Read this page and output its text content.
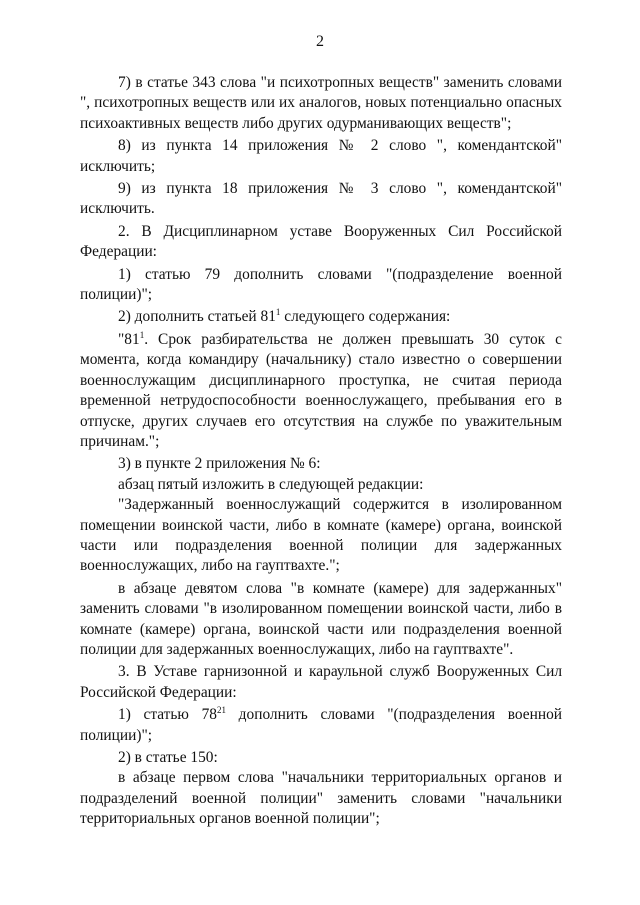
2

7) в статье 343 слова "и психотропных веществ" заменить словами ", психотропных веществ или их аналогов, новых потенциально опасных психоактивных веществ либо других одурманивающих веществ";

8) из пункта 14 приложения № 2 слово ", комендантской" исключить;

9) из пункта 18 приложения № 3 слово ", комендантской" исключить.

2. В Дисциплинарном уставе Вооруженных Сил Российской Федерации:

1) статью 79 дополнить словами "(подразделение военной полиции)";

2) дополнить статьей $81^1$ следующего содержания:

"$81^1$. Срок разбирательства не должен превышать 30 суток с момента, когда командиру (начальнику) стало известно о совершении военнослужащим дисциплинарного проступка, не считая периода временной нетрудоспособности военнослужащего, пребывания его в отпуске, других случаев его отсутствия на службе по уважительным причинам.";

3) в пункте 2 приложения № 6:

абзац пятый изложить в следующей редакции:

"Задержанный военнослужащий содержится в изолированном помещении воинской части, либо в комнате (камере) органа, воинской части или подразделения военной полиции для задержанных военнослужащих, либо на гауптвахте.";

в абзаце девятом слова "в комнате (камере) для задержанных" заменить словами "в изолированном помещении воинской части, либо в комнате (камере) органа, воинской части или подразделения военной полиции для задержанных военнослужащих, либо на гауптвахте".

3. В Уставе гарнизонной и караульной служб Вооруженных Сил Российской Федерации:

1) статью $78^{21}$ дополнить словами "(подразделения военной полиции)";

2) в статье 150:

в абзаце первом слова "начальники территориальных органов и подразделений военной полиции" заменить словами "начальники территориальных органов военной полиции";
